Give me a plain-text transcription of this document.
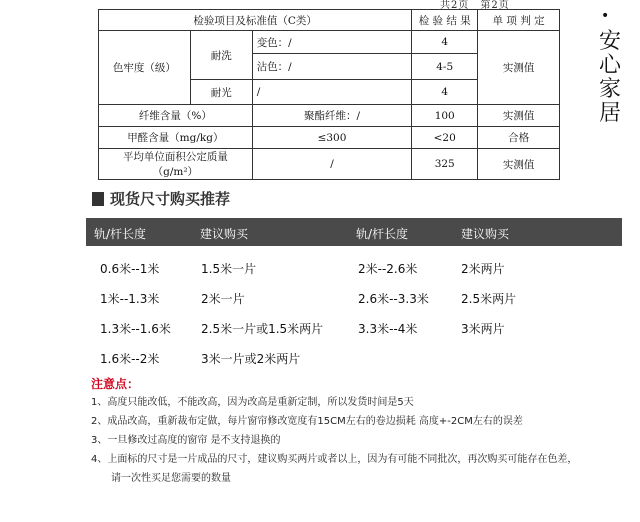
共2页　第2页
•
安
心
家
居
检验项目及标准值（C类）			检 验 结 果	单 项 判 定
色牢度（级）	耐洗	变色：/	4	实测值
		沾色：/	4-5	
	耐光	/	4	
纤维含量（%）		聚酯纤维：/	100	实测值
甲醛含量（mg/kg）		≤300	<20	合格
平均单位面积公定质量（g/m²）		/	325	实测值
现货尺寸购买推荐
轨/杆长度	建议购买	轨/杆长度	建议购买
0.6米--1米	1.5米一片	2米--2.6米	2米两片
1米--1.3米	2米一片	2.6米--3.3米	2.5米两片
1.3米--1.6米	2.5米一片或1.5米两片	3.3米--4米	3米两片
1.6米--2米	3米一片或2米两片
注意点：
1、高度只能改低，不能改高，因为改高是重新定制，所以发货时间是5天
2、成品改高，重新裁布定做，每片窗帘修改宽度有15CM左右的卷边损耗 高度+-2CM左右的误差
3、一旦修改过高度的窗帘 是不支持退换的
4、上面标的尺寸是一片成品的尺寸，建议购买两片或者以上，因为有可能不同批次，再次购买可能存在色差，
　　请一次性买足您需要的数量
